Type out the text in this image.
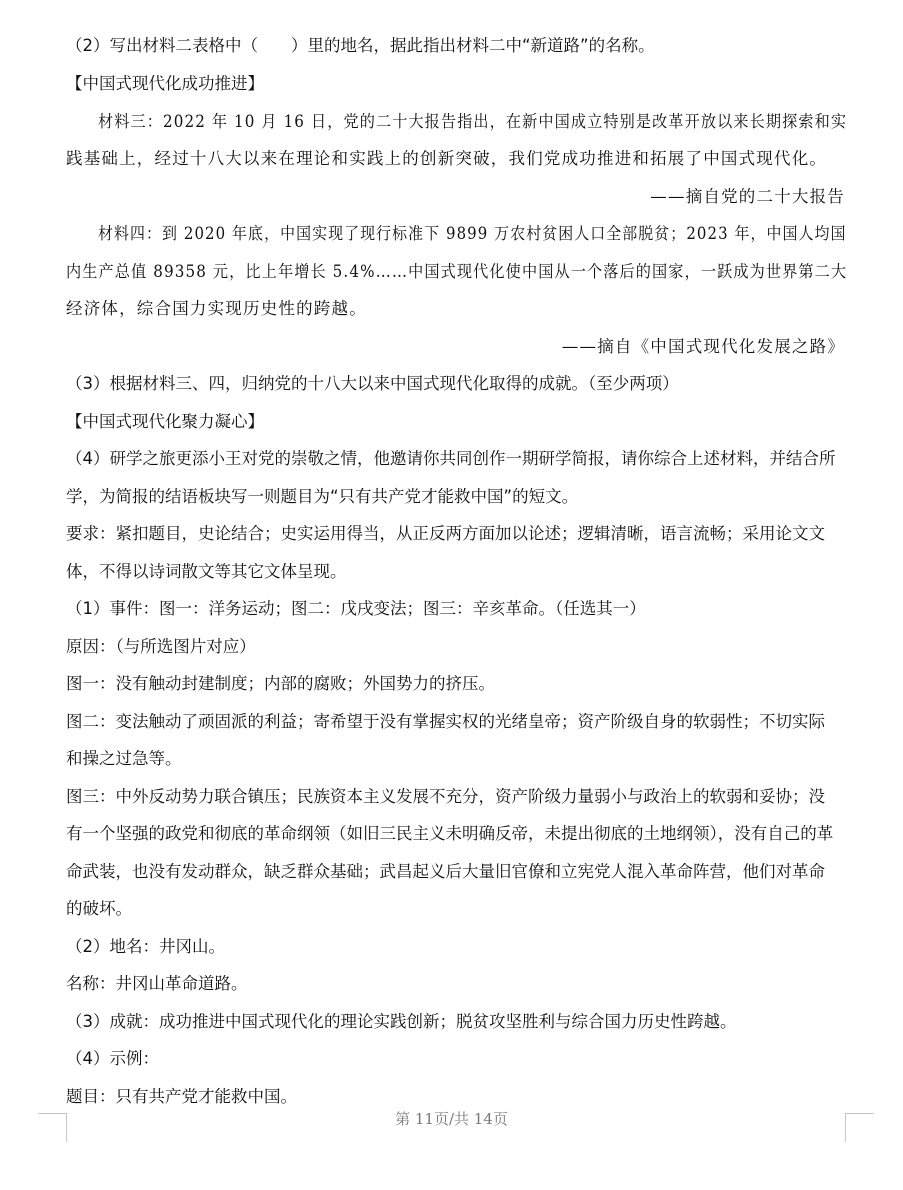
（2）写出材料二表格中（　　）里的地名，据此指出材料二中“新道路”的名称。
【中国式现代化成功推进】
材料三：2022 年 10 月 16 日，党的二十大报告指出，在新中国成立特别是改革开放以来长期探索和实
践基础上，经过十八大以来在理论和实践上的创新突破，我们党成功推进和拓展了中国式现代化。
——摘自党的二十大报告
材料四：到 2020 年底，中国实现了现行标准下 9899 万农村贫困人口全部脱贫；2023 年，中国人均国
内生产总值 89358 元，比上年增长 5.4%……中国式现代化使中国从一个落后的国家，一跃成为世界第二大
经济体，综合国力实现历史性的跨越。
——摘自《中国式现代化发展之路》
（3）根据材料三、四，归纳党的十八大以来中国式现代化取得的成就。（至少两项）
【中国式现代化聚力凝心】
（4）研学之旅更添小王对党的崇敬之情，他邀请你共同创作一期研学简报，请你综合上述材料，并结合所
学，为简报的结语板块写一则题目为“只有共产党才能救中国”的短文。
要求：紧扣题目，史论结合；史实运用得当，从正反两方面加以论述；逻辑清晰，语言流畅；采用论文文
体，不得以诗词散文等其它文体呈现。
（1）事件：图一：洋务运动；图二：戊戌变法；图三：辛亥革命。（任选其一）
原因：（与所选图片对应）
图一：没有触动封建制度；内部的腐败；外国势力的挤压。
图二：变法触动了顽固派的利益；寄希望于没有掌握实权的光绪皇帝；资产阶级自身的软弱性；不切实际
和操之过急等。
图三：中外反动势力联合镇压；民族资本主义发展不充分，资产阶级力量弱小与政治上的软弱和妥协；没
有一个坚强的政党和彻底的革命纲领（如旧三民主义未明确反帝，未提出彻底的土地纲领），没有自己的革
命武装，也没有发动群众，缺乏群众基础；武昌起义后大量旧官僚和立宪党人混入革命阵营，他们对革命
的破坏。
（2）地名：井冈山。
名称：井冈山革命道路。
（3）成就：成功推进中国式现代化的理论实践创新；脱贫攻坚胜利与综合国力历史性跨越。
（4）示例：
题目：只有共产党才能救中国。
第 11页/共 14页
